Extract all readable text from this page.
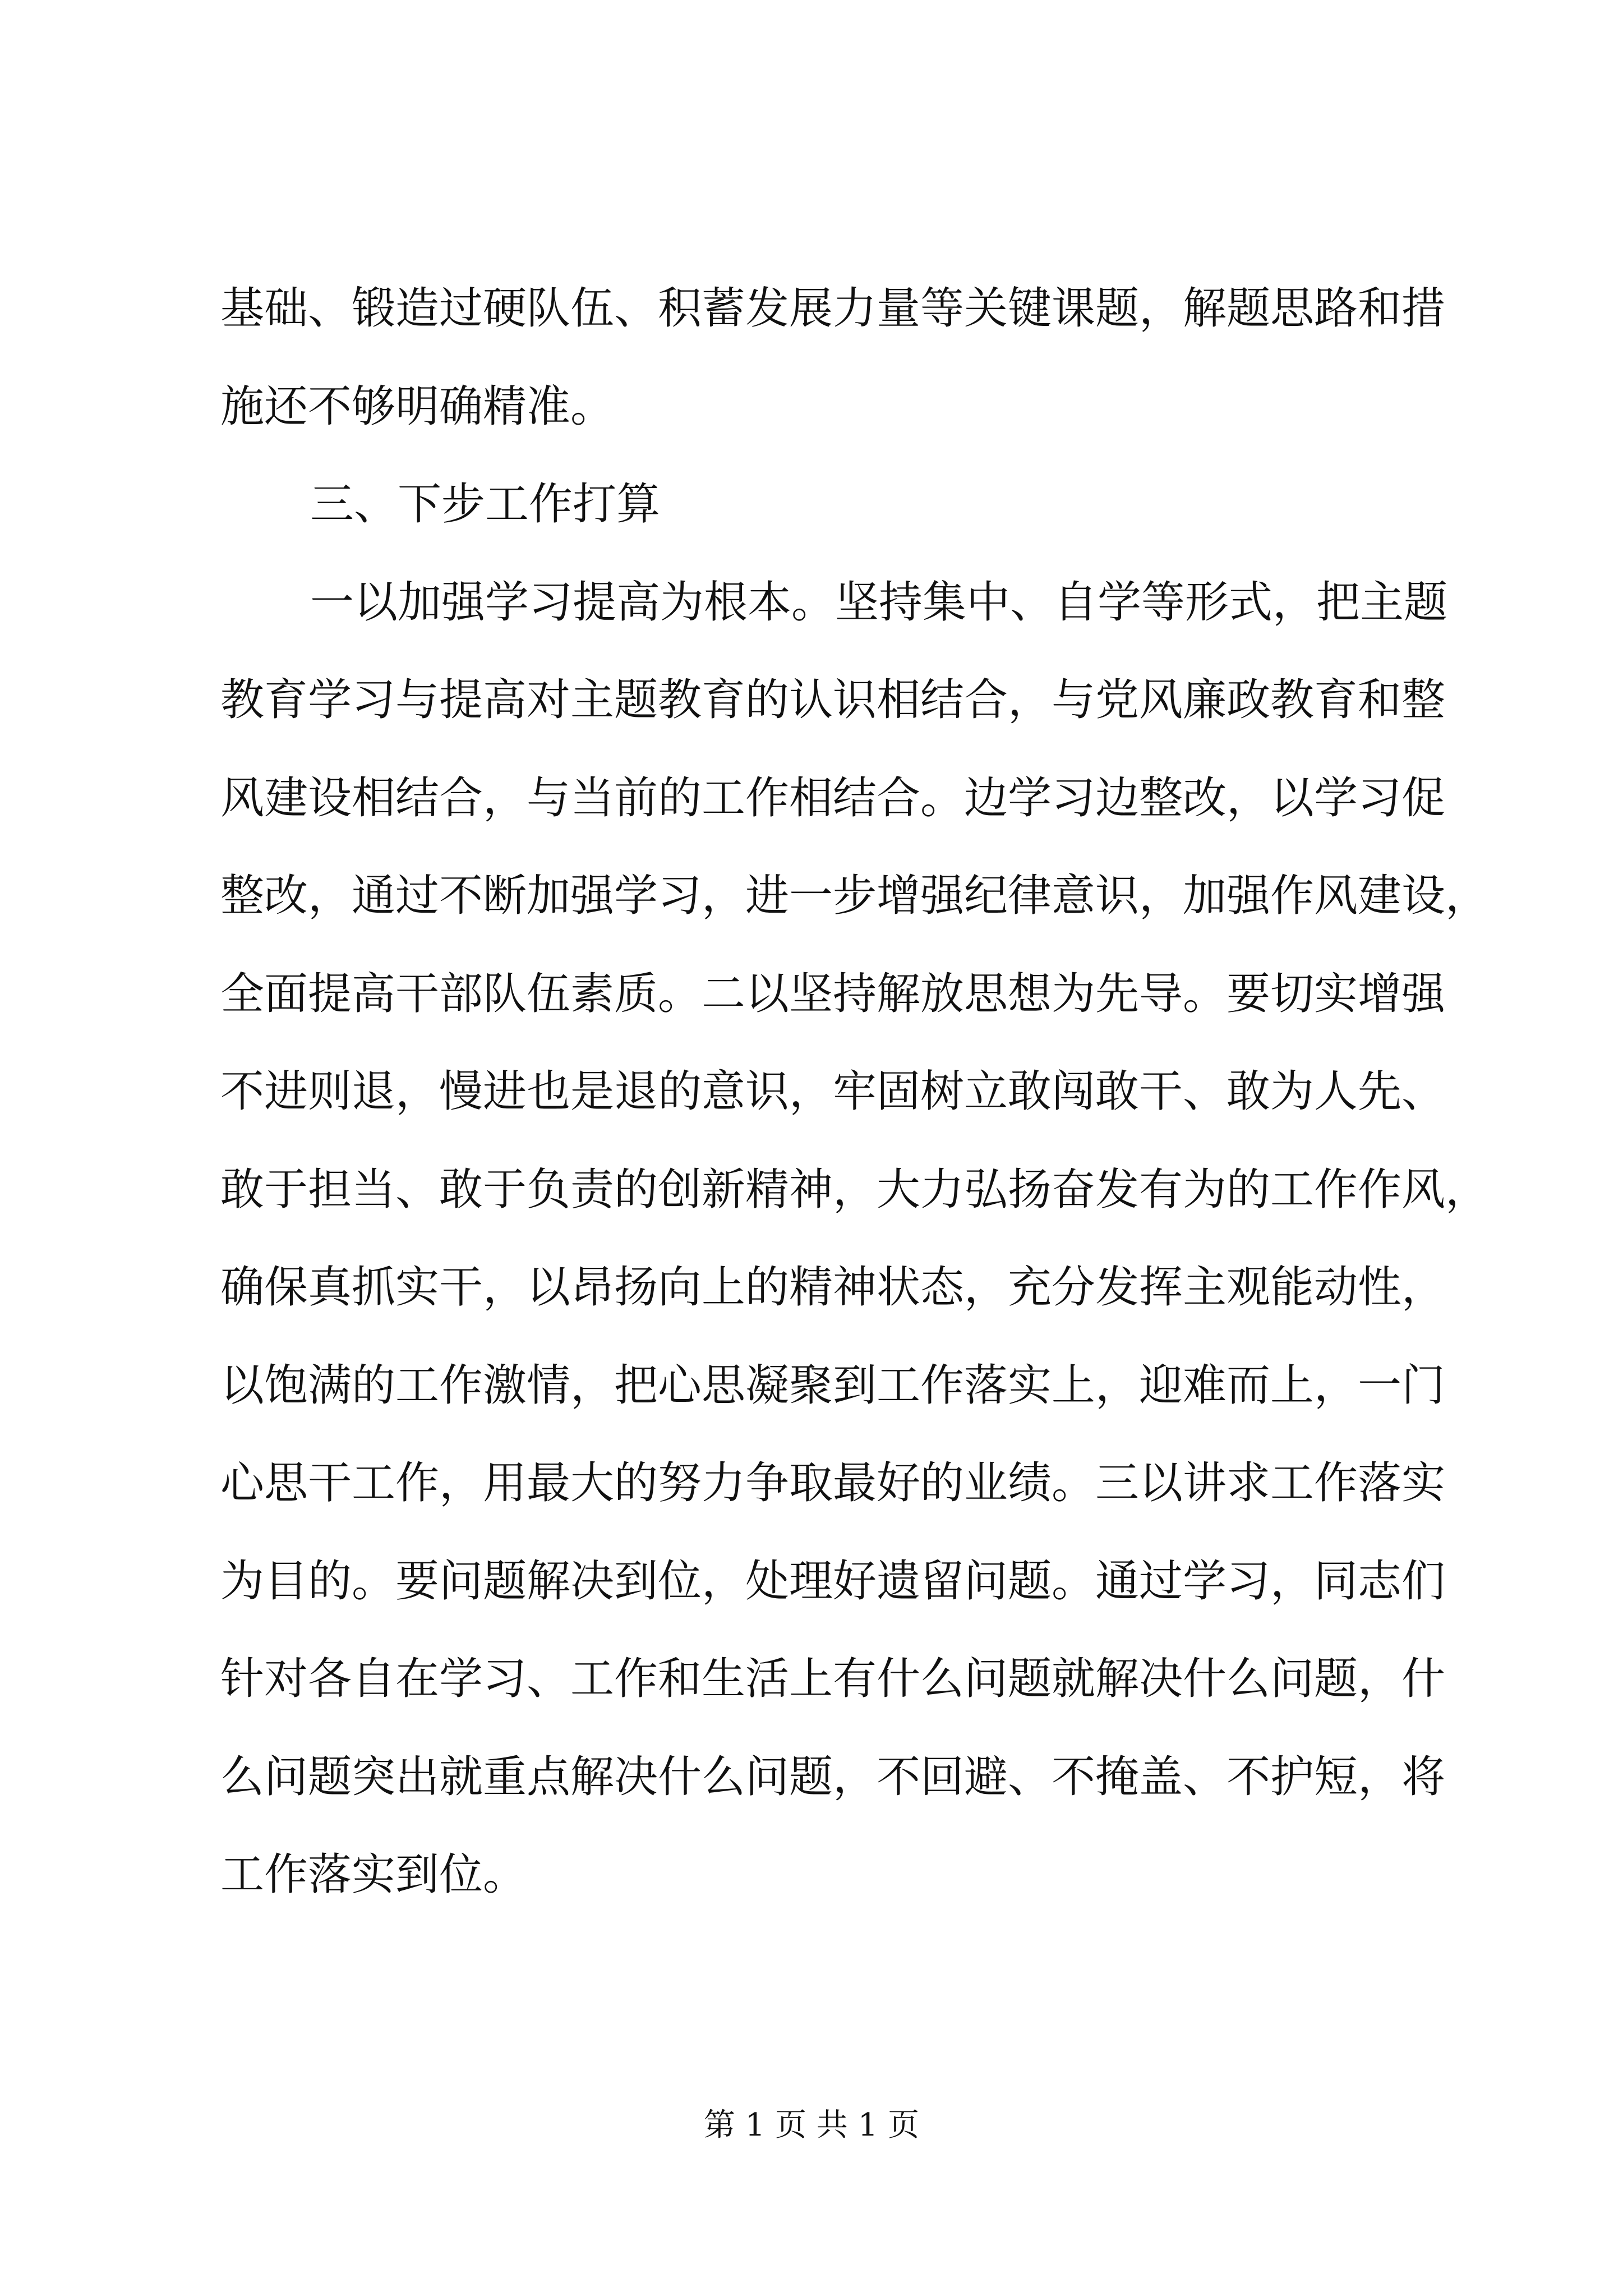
基础、锻造过硬队伍、积蓄发展力量等关键课题，解题思路和措
施还不够明确精准。
三、下步工作打算
一以加强学习提高为根本。坚持集中、自学等形式，把主题
教育学习与提高对主题教育的认识相结合，与党风廉政教育和整
风建设相结合，与当前的工作相结合。边学习边整改，以学习促
整改，通过不断加强学习，进一步增强纪律意识，加强作风建设，
全面提高干部队伍素质。二以坚持解放思想为先导。要切实增强
不进则退，慢进也是退的意识，牢固树立敢闯敢干、敢为人先、
敢于担当、敢于负责的创新精神，大力弘扬奋发有为的工作作风，
确保真抓实干，以昂扬向上的精神状态，充分发挥主观能动性，
以饱满的工作激情，把心思凝聚到工作落实上，迎难而上，一门
心思干工作，用最大的努力争取最好的业绩。三以讲求工作落实
为目的。要问题解决到位，处理好遗留问题。通过学习，同志们
针对各自在学习、工作和生活上有什么问题就解决什么问题，什
么问题突出就重点解决什么问题，不回避、不掩盖、不护短，将
工作落实到位。
第 1 页 共 1 页
